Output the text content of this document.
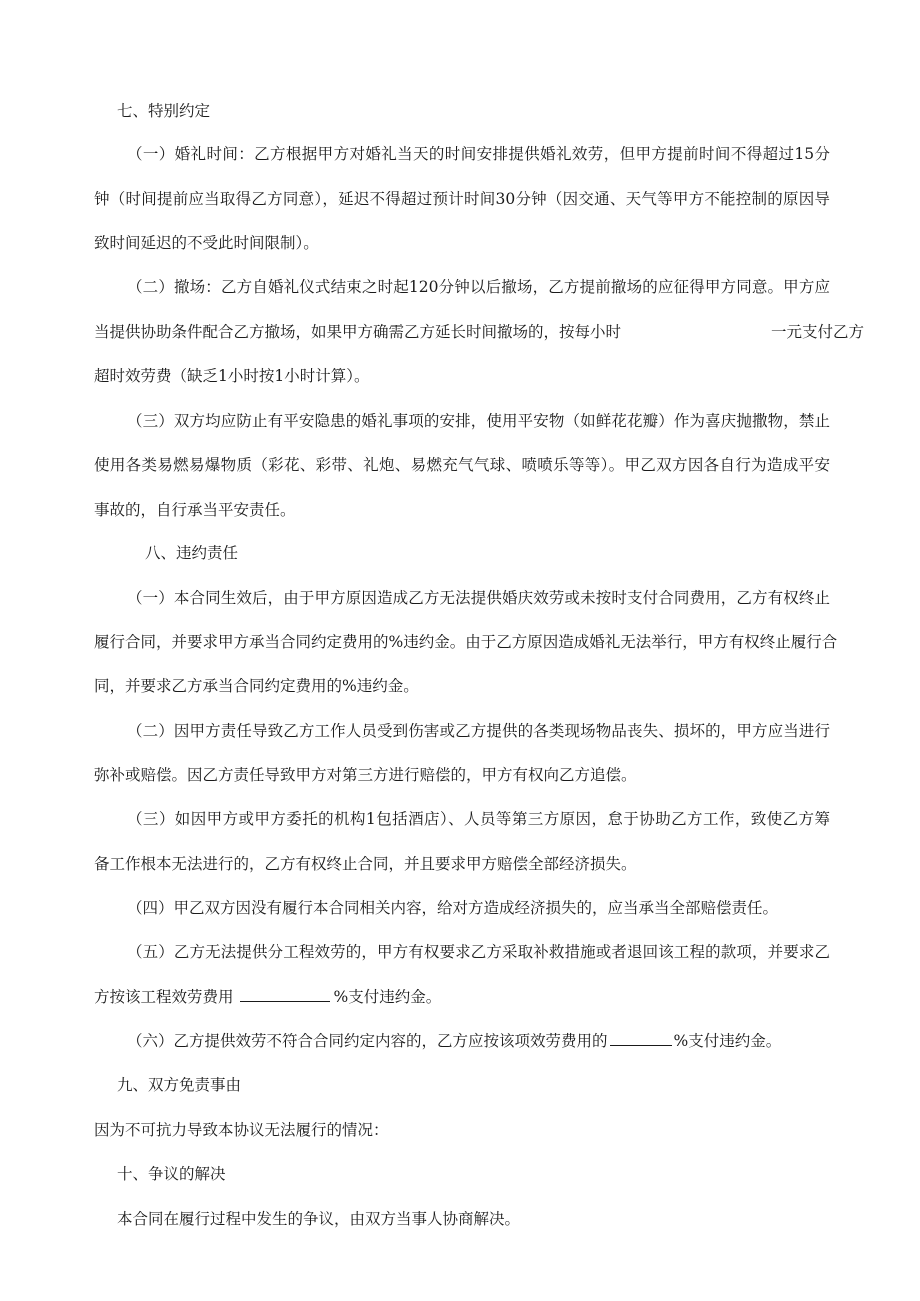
七、特别约定
（一）婚礼时间：乙方根据甲方对婚礼当天的时间安排提供婚礼效劳，但甲方提前时间不得超过15分
钟（时间提前应当取得乙方同意），延迟不得超过预计时间30分钟（因交通、天气等甲方不能控制的原因导
致时间延迟的不受此时间限制）。
（二）撤场：乙方自婚礼仪式结束之时起120分钟以后撤场，乙方提前撤场的应征得甲方同意。甲方应
当提供协助条件配合乙方撤场，如果甲方确需乙方延长时间撤场的，按每小时	一元支付乙方
超时效劳费（缺乏1小时按1小时计算）。
（三）双方均应防止有平安隐患的婚礼事项的安排，使用平安物（如鲜花花瓣）作为喜庆抛撒物，禁止
使用各类易燃易爆物质（彩花、彩带、礼炮、易燃充气气球、喷喷乐等等）。甲乙双方因各自行为造成平安
事故的，自行承当平安责任。
八、违约责任
（一）本合同生效后，由于甲方原因造成乙方无法提供婚庆效劳或未按时支付合同费用，乙方有权终止
履行合同，并要求甲方承当合同约定费用的%违约金。由于乙方原因造成婚礼无法举行，甲方有权终止履行合
同，并要求乙方承当合同约定费用的%违约金。
（二）因甲方责任导致乙方工作人员受到伤害或乙方提供的各类现场物品丧失、损坏的，甲方应当进行
弥补或赔偿。因乙方责任导致甲方对第三方进行赔偿的，甲方有权向乙方追偿。
（三）如因甲方或甲方委托的机构1包括酒店）、人员等第三方原因，怠于协助乙方工作，致使乙方筹
备工作根本无法进行的，乙方有权终止合同，并且要求甲方赔偿全部经济损失。
（四）甲乙双方因没有履行本合同相关内容，给对方造成经济损失的，应当承当全部赔偿责任。
（五）乙方无法提供分工程效劳的，甲方有权要求乙方采取补救措施或者退回该工程的款项，并要求乙
方按该工程效劳费用	%支付违约金。
（六）乙方提供效劳不符合合同约定内容的，乙方应按该项效劳费用的	%支付违约金。
九、双方免责事由
因为不可抗力导致本协议无法履行的情况：
十、争议的解决
本合同在履行过程中发生的争议，由双方当事人协商解决。
